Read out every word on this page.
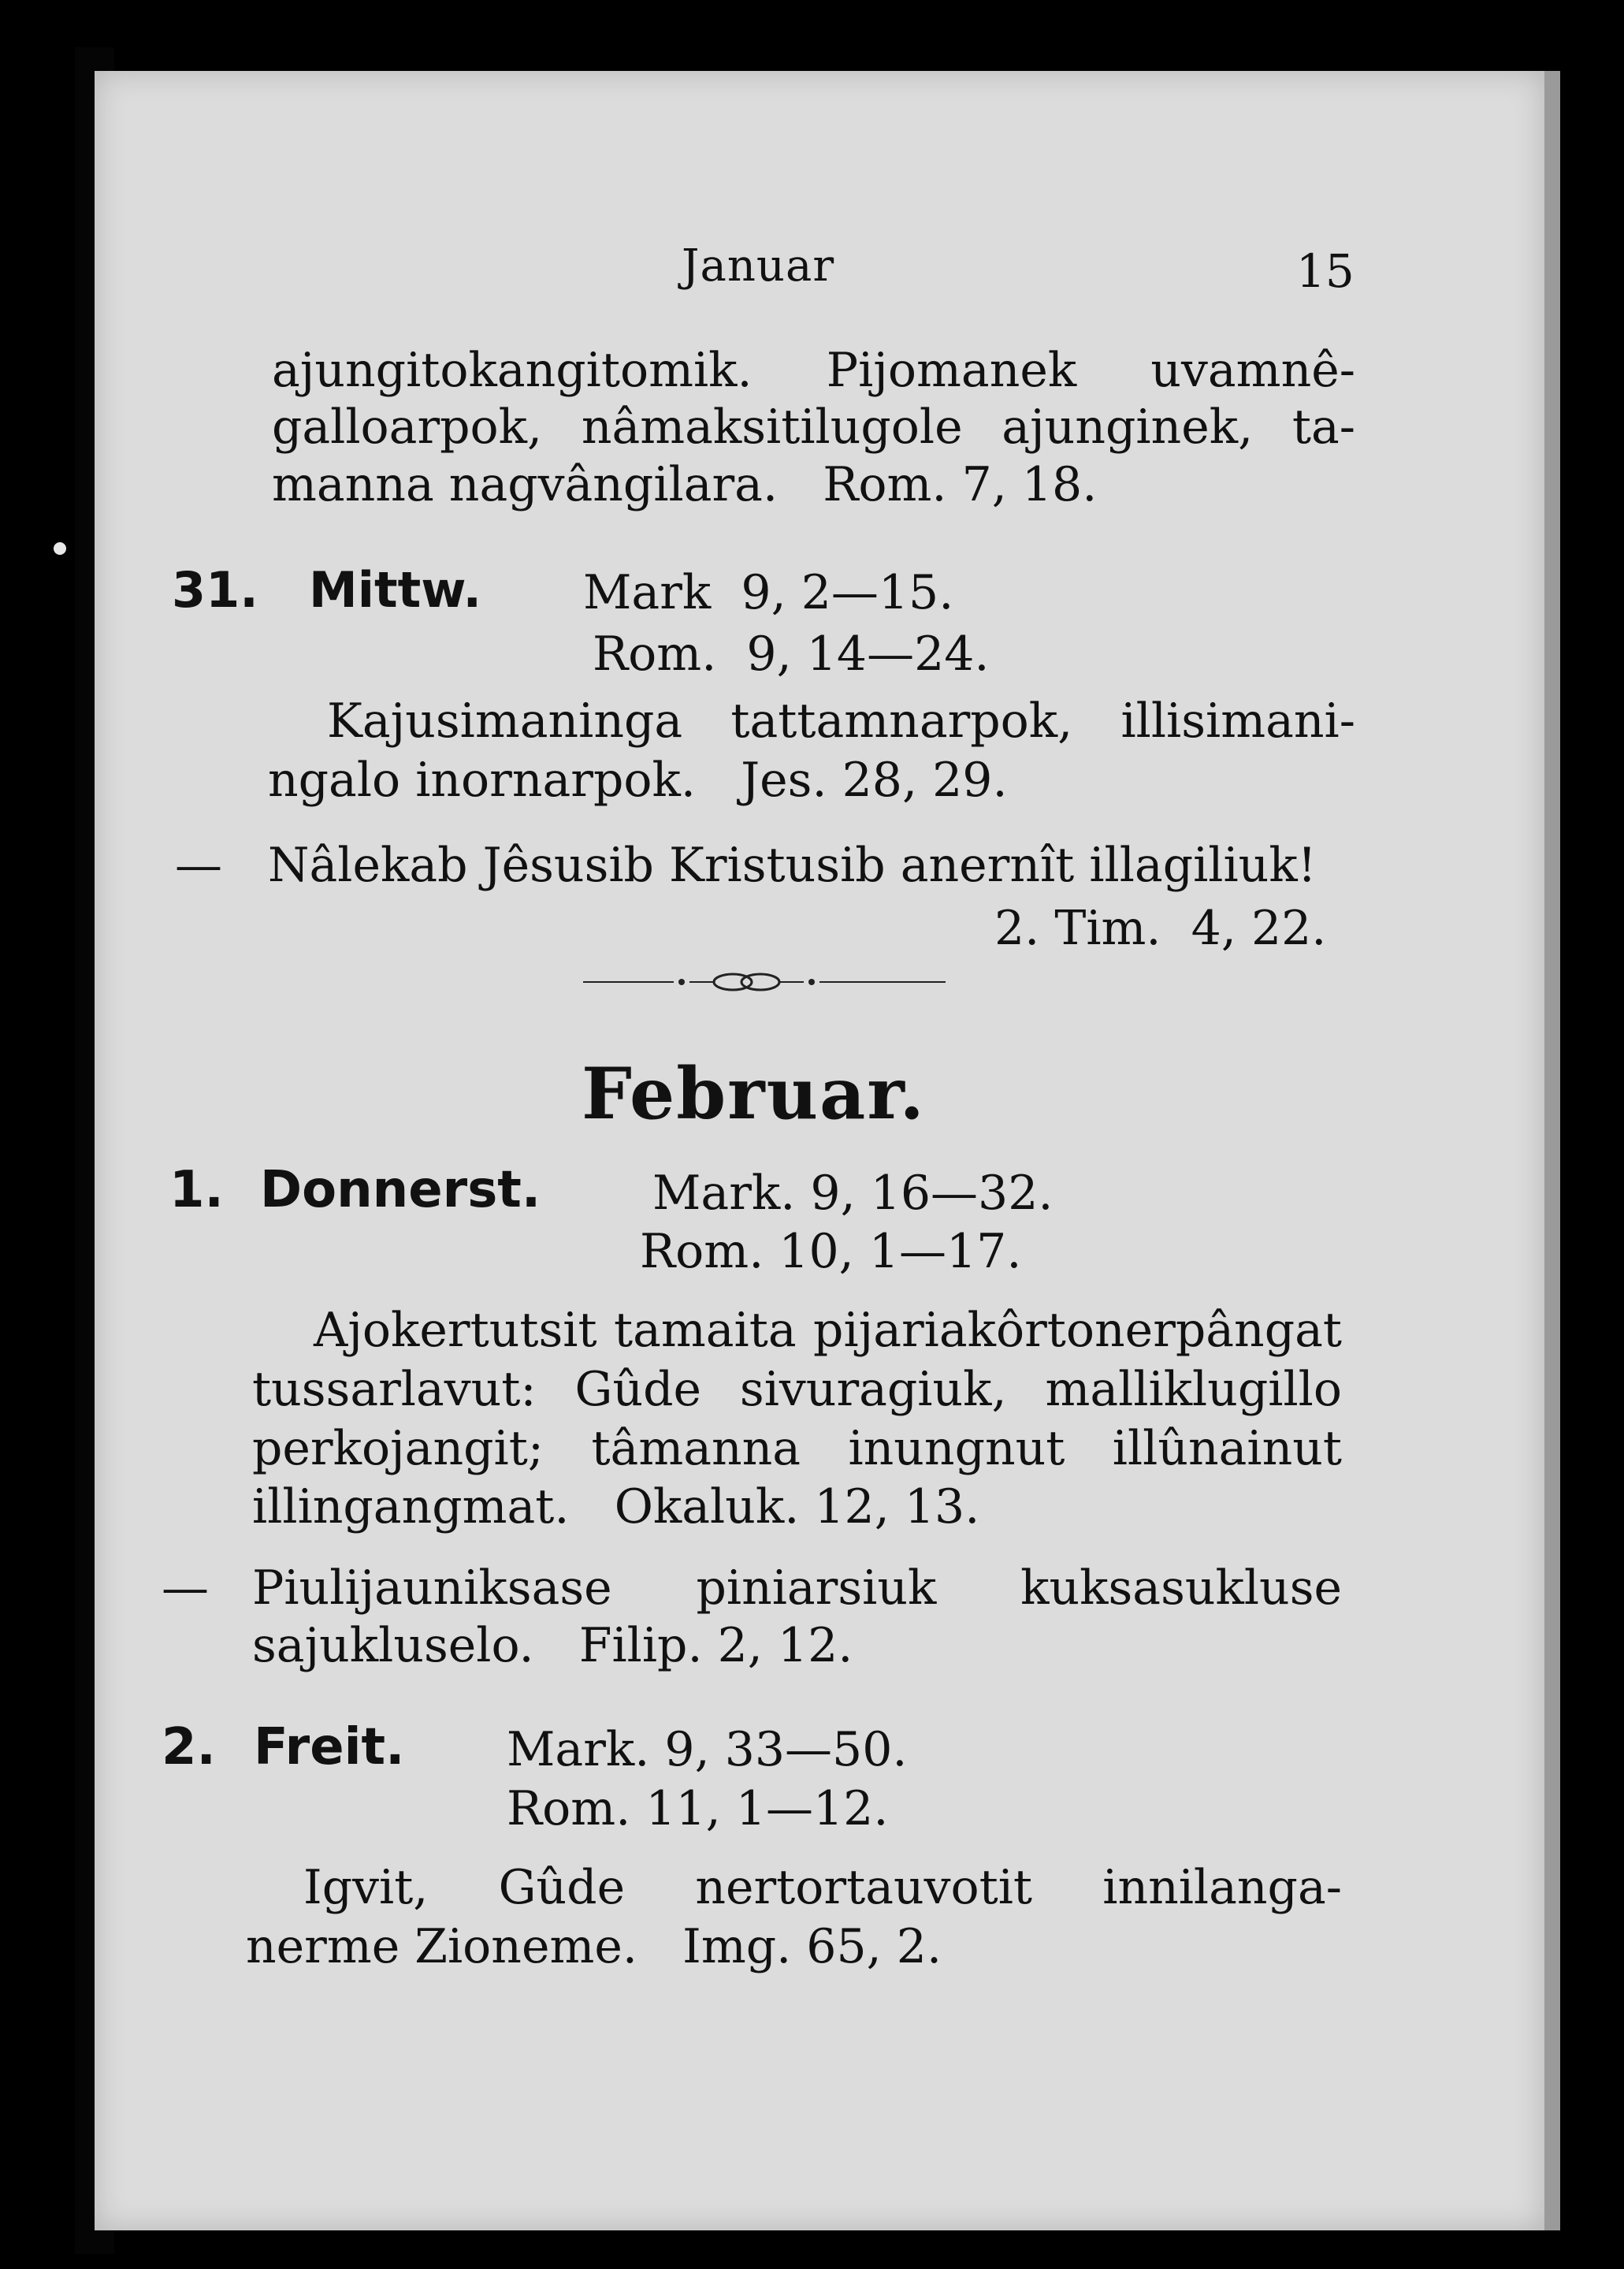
Januar	15
ajungitokangitomik. Pijomanek uvamnê-
galloarpok, nâmaksitilugole ajunginek, ta-
manna nagvângilara.   Rom. 7, 18.
31. Mittw. Mark  9, 2—15.
Rom.  9, 14—24.
Kajusimaninga tattamnarpok, illisimani-
ngalo inornarpok.   Jes. 28, 29.
— Nâlekab Jêsusib Kristusib anernît illagiliuk!
2. Tim.  4, 22.
Februar.
1. Donnerst. Mark. 9, 16—32.
Rom. 10, 1—17.
Ajokertutsit tamaita pijariakôrtonerpângat
tussarlavut: Gûde sivuragiuk, malliklugillo
perkojangit; tâmanna inungnut illûnainut
illingangmat.   Okaluk. 12, 13.
— Piulijauniksase piniarsiuk kuksasukluse
sajukluselo.   Filip. 2, 12.
2. Freit. Mark. 9, 33—50.
Rom. 11, 1—12.
Igvit, Gûde nertortauvotit innilanga-
nerme Zioneme.   Img. 65, 2.
